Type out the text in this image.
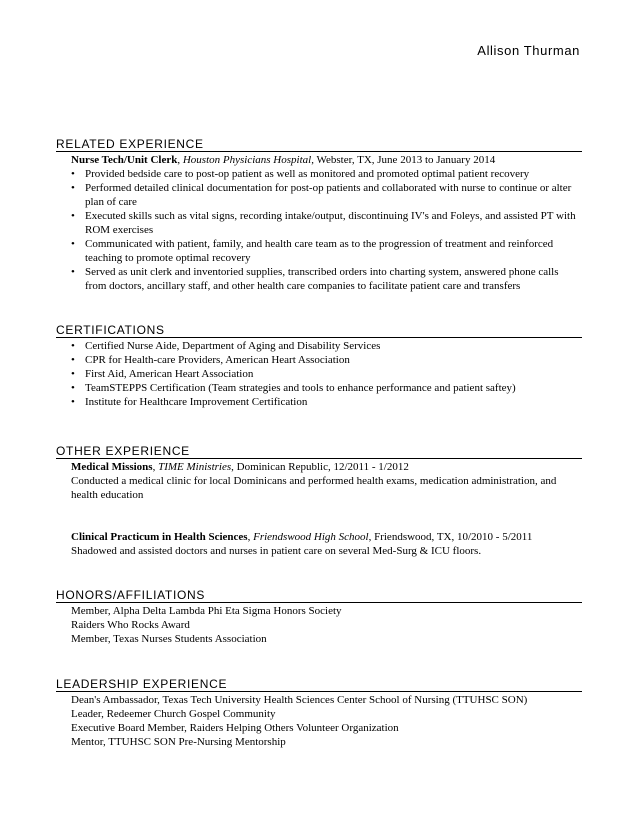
Allison Thurman
RELATED EXPERIENCE
Nurse Tech/Unit Clerk, Houston Physicians Hospital, Webster, TX, June 2013 to January 2014
• Provided bedside care to post-op patient as well as monitored and promoted optimal patient recovery
• Performed detailed clinical documentation for post-op patients and collaborated with nurse to continue or alter plan of care
• Executed skills such as vital signs, recording intake/output, discontinuing IV's and Foleys, and assisted PT with ROM exercises
• Communicated with patient, family, and health care team as to the progression of treatment and reinforced teaching to promote optimal recovery
• Served as unit clerk and inventoried supplies, transcribed orders into charting system, answered phone calls from doctors, ancillary staff, and other health care companies to facilitate patient care and transfers
CERTIFICATIONS
• Certified Nurse Aide, Department of Aging and Disability Services
• CPR for Health-care Providers, American Heart Association
• First Aid, American Heart Association
• TeamSTEPPS Certification (Team strategies and tools to enhance performance and patient saftey)
• Institute for Healthcare Improvement Certification
OTHER EXPERIENCE
Medical Missions, TIME Ministries, Dominican Republic, 12/2011 - 1/2012
Conducted a medical clinic for local Dominicans and performed health exams, medication administration, and health education
Clinical Practicum in Health Sciences, Friendswood High School, Friendswood, TX, 10/2010 - 5/2011
Shadowed and assisted doctors and nurses in patient care on several Med-Surg & ICU floors.
HONORS/AFFILIATIONS
Member, Alpha Delta Lambda Phi Eta Sigma Honors Society
Raiders Who Rocks Award
Member, Texas Nurses Students Association
LEADERSHIP EXPERIENCE
Dean's Ambassador, Texas Tech University Health Sciences Center School of Nursing (TTUHSC SON)
Leader, Redeemer Church Gospel Community
Executive Board Member, Raiders Helping Others Volunteer Organization
Mentor, TTUHSC SON Pre-Nursing Mentorship
